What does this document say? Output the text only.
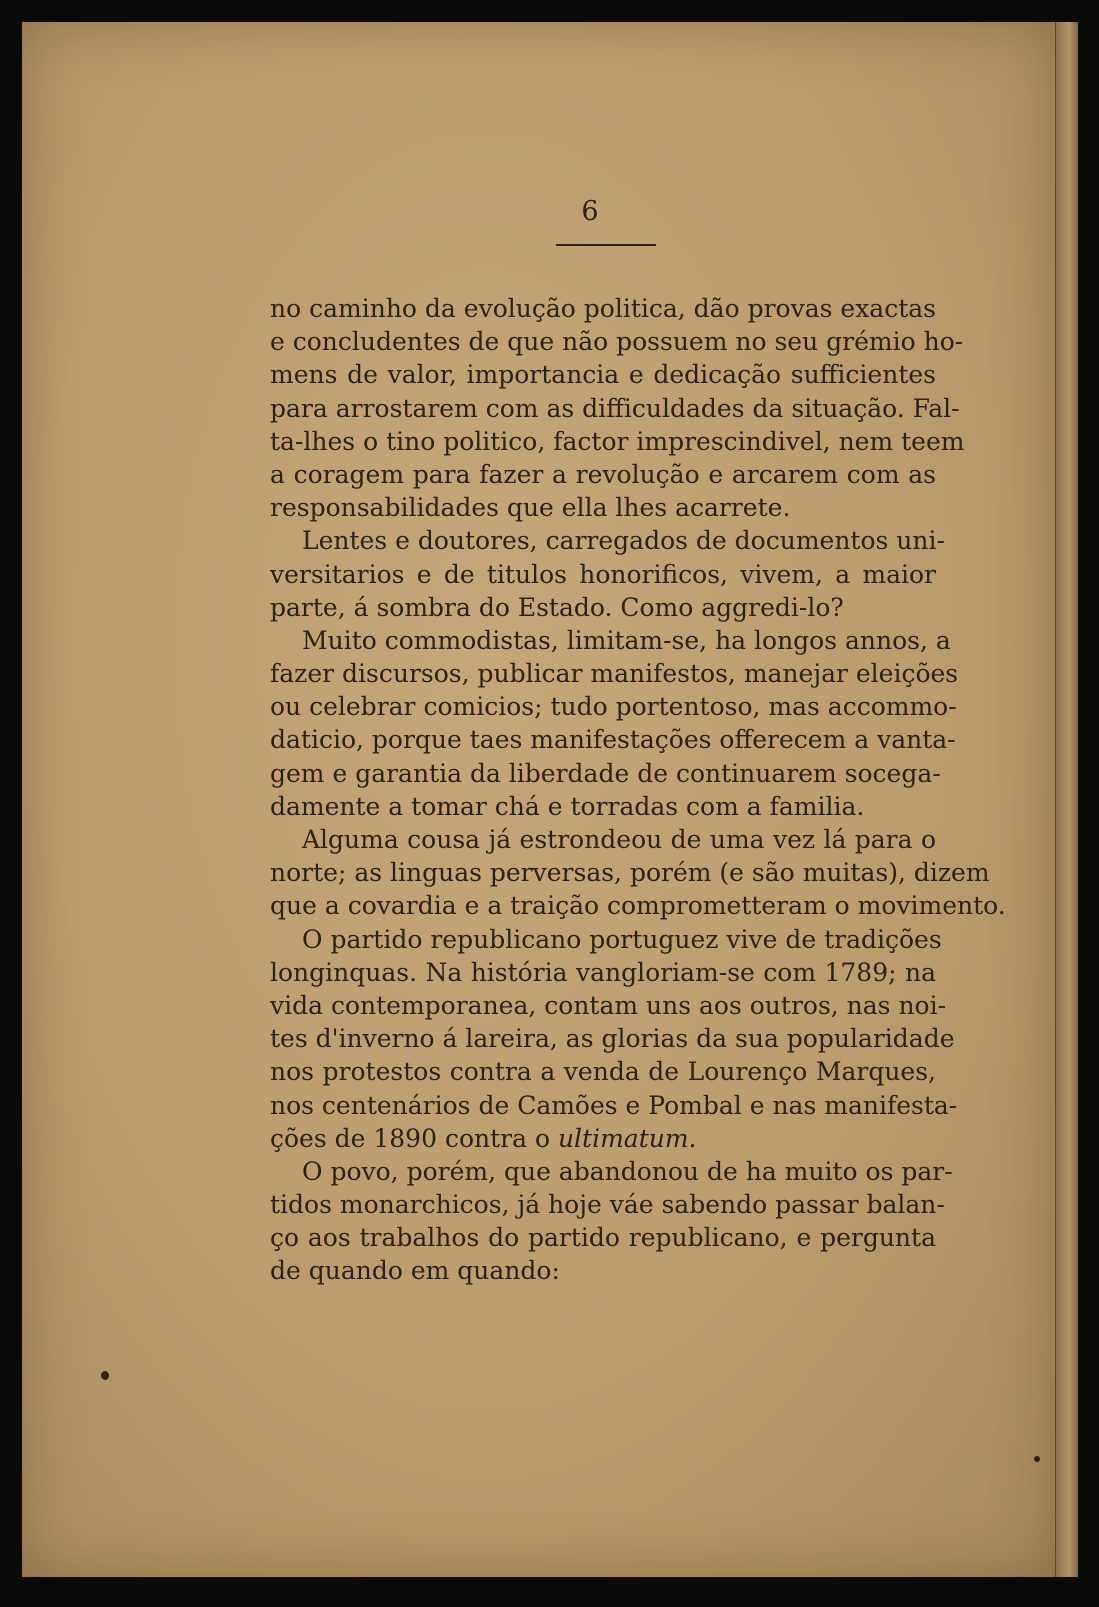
6
no caminho da evolução politica, dão provas exactas
e concludentes de que não possuem no seu grémio ho-
mens de valor, importancia e dedicação sufficientes
para arrostarem com as difficuldades da situação. Fal-
ta-lhes o tino politico, factor imprescindivel, nem teem
a coragem para fazer a revolução e arcarem com as
responsabilidades que ella lhes acarrete.
Lentes e doutores, carregados de documentos uni-
versitarios e de titulos honorificos, vivem, a maior
parte, á sombra do Estado. Como aggredi-lo?
Muito commodistas, limitam-se, ha longos annos, a
fazer discursos, publicar manifestos, manejar eleições
ou celebrar comicios; tudo portentoso, mas accommo-
daticio, porque taes manifestações offerecem a vanta-
gem e garantia da liberdade de continuarem socega-
damente a tomar chá e torradas com a familia.
Alguma cousa já estrondeou de uma vez lá para o
norte; as linguas perversas, porém (e são muitas), dizem
que a covardia e a traição comprometteram o movimento.
O partido republicano portuguez vive de tradições
longinquas. Na história vangloriam-se com 1789; na
vida contemporanea, contam uns aos outros, nas noi-
tes d'inverno á lareira, as glorias da sua popularidade
nos protestos contra a venda de Lourenço Marques,
nos centenários de Camões e Pombal e nas manifesta-
ções de 1890 contra o ultimatum.
O povo, porém, que abandonou de ha muito os par-
tidos monarchicos, já hoje váe sabendo passar balan-
ço aos trabalhos do partido republicano, e pergunta
de quando em quando:
